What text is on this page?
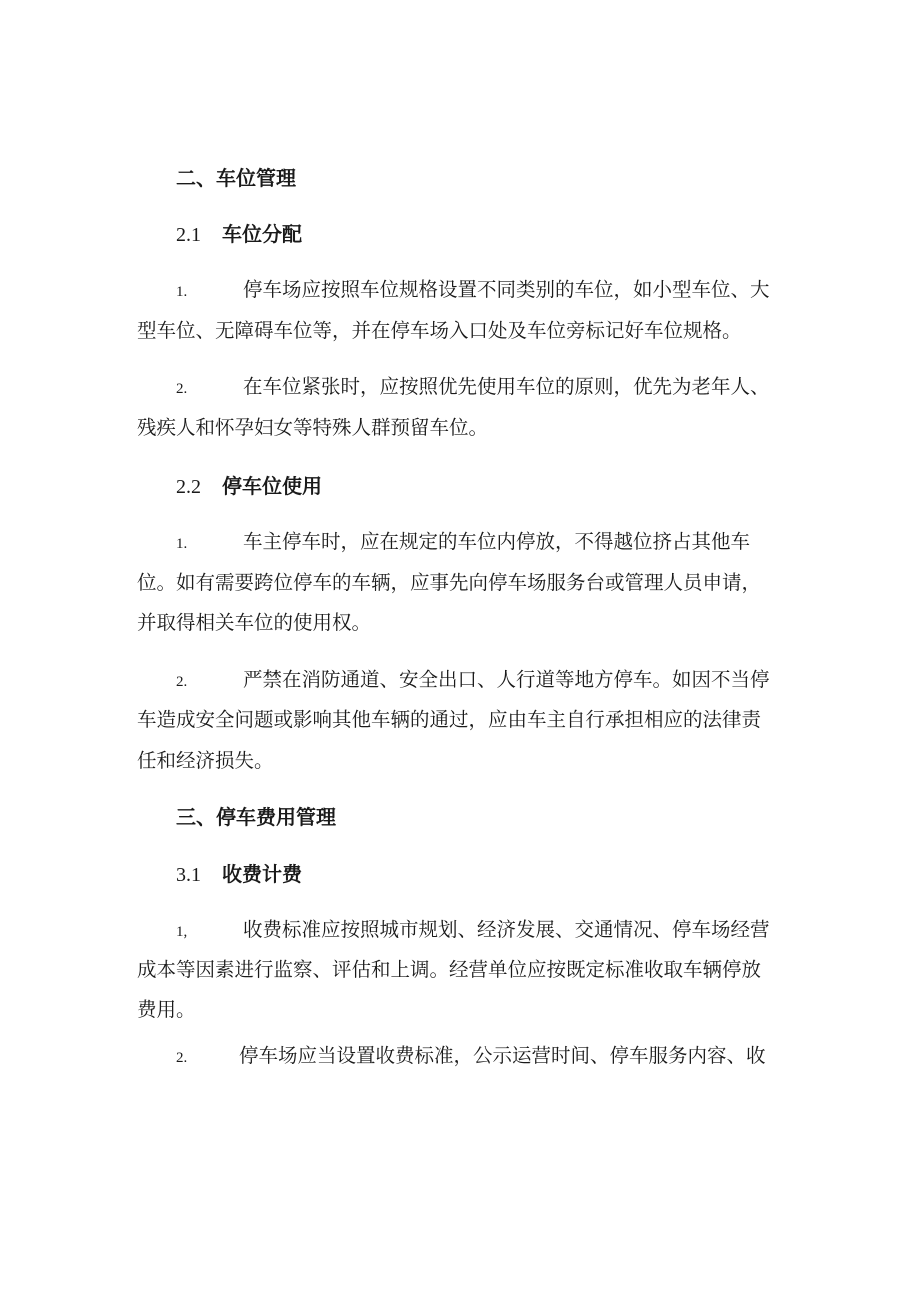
二、车位管理
2.1 车位分配
1.	停车场应按照车位规格设置不同类别的车位，如小型车位、大
型车位、无障碍车位等，并在停车场入口处及车位旁标记好车位规格。
2.	在车位紧张时，应按照优先使用车位的原则，优先为老年人、
残疾人和怀孕妇女等特殊人群预留车位。
2.2 停车位使用
1.	车主停车时，应在规定的车位内停放，不得越位挤占其他车
位。如有需要跨位停车的车辆，应事先向停车场服务台或管理人员申请，
并取得相关车位的使用权。
2.	严禁在消防通道、安全出口、人行道等地方停车。如因不当停
车造成安全问题或影响其他车辆的通过，应由车主自行承担相应的法律责
任和经济损失。
三、停车费用管理
3.1 收费计费
1,	收费标准应按照城市规划、经济发展、交通情况、停车场经营
成本等因素进行监察、评估和上调。经营单位应按既定标准收取车辆停放
费用。
2.	停车场应当设置收费标准，公示运营时间、停车服务内容、收
